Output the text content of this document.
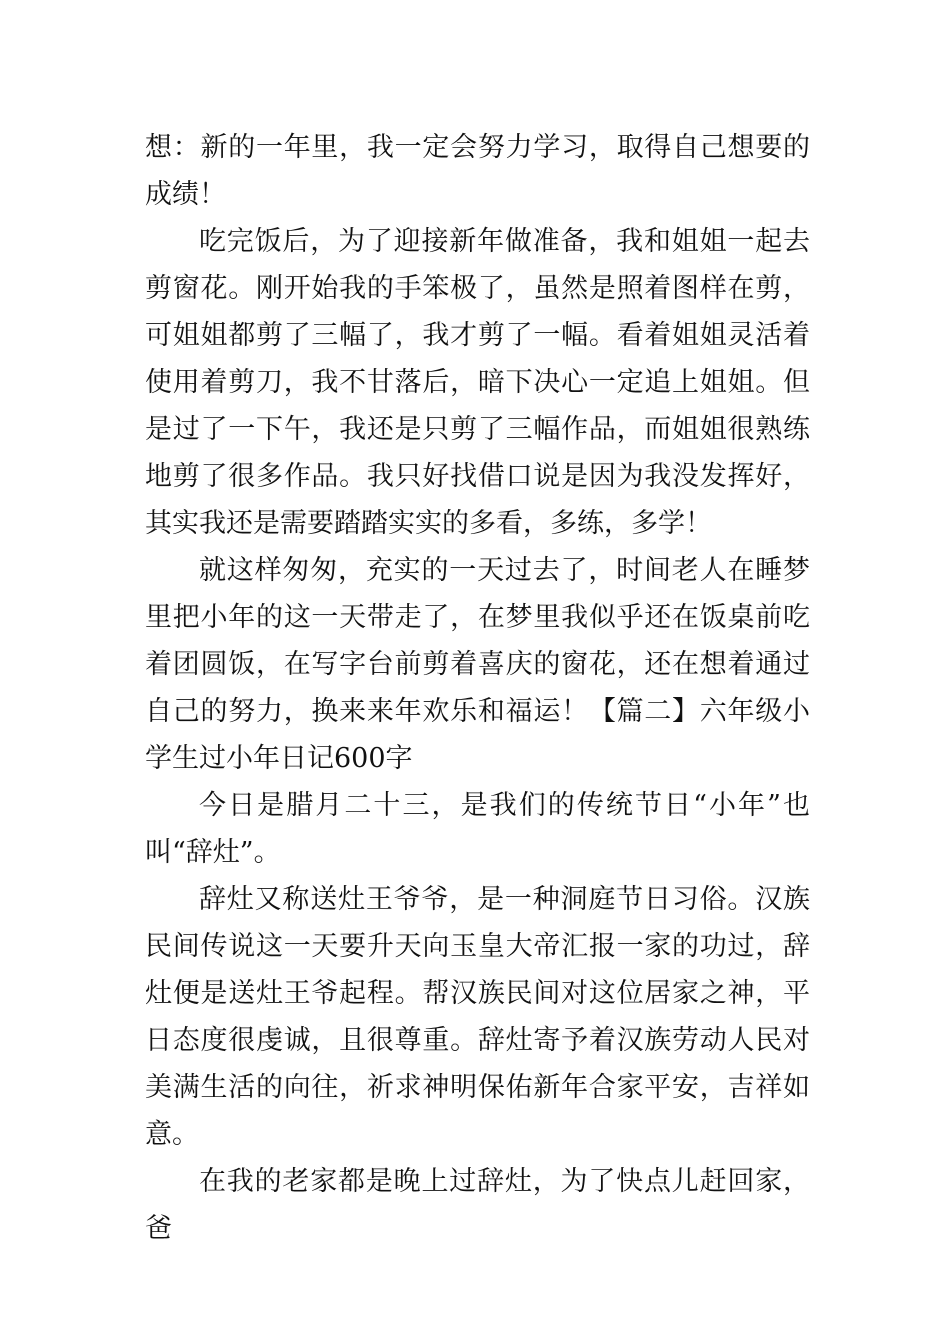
想：新的一年里，我一定会努力学习，取得自己想要的成绩！

吃完饭后，为了迎接新年做准备，我和姐姐一起去剪窗花。刚开始我的手笨极了，虽然是照着图样在剪，可姐姐都剪了三幅了，我才剪了一幅。看着姐姐灵活着使用着剪刀，我不甘落后，暗下决心一定追上姐姐。但是过了一下午，我还是只剪了三幅作品，而姐姐很熟练地剪了很多作品。我只好找借口说是因为我没发挥好，其实我还是需要踏踏实实的多看，多练，多学！

就这样匆匆，充实的一天过去了，时间老人在睡梦里把小年的这一天带走了，在梦里我似乎还在饭桌前吃着团圆饭，在写字台前剪着喜庆的窗花，还在想着通过自己的努力，换来来年欢乐和福运！【篇二】六年级小学生过小年日记600字

今日是腊月二十三，是我们的传统节日“小年”也叫“辞灶”。

辞灶又称送灶王爷爷，是一种洞庭节日习俗。汉族民间传说这一天要升天向玉皇大帝汇报一家的功过，辞灶便是送灶王爷起程。帮汉族民间对这位居家之神，平日态度很虔诚，且很尊重。辞灶寄予着汉族劳动人民对美满生活的向往，祈求神明保佑新年合家平安，吉祥如意。

在我的老家都是晚上过辞灶，为了快点儿赶回家，爸
